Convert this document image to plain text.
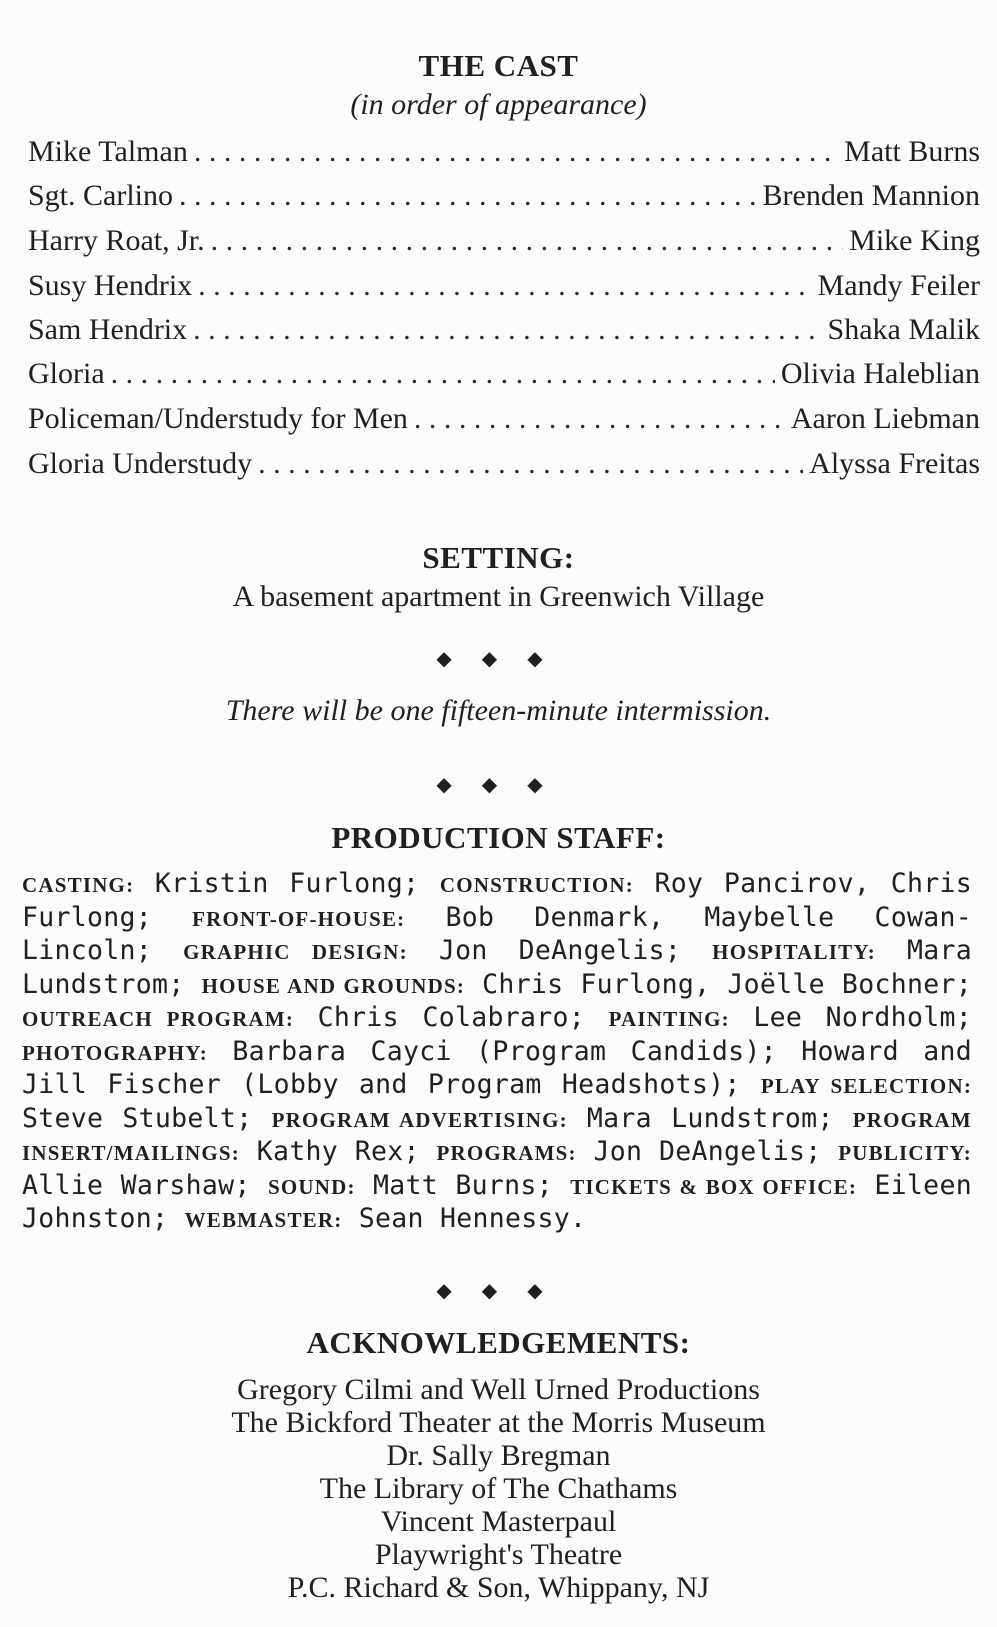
THE CAST
(in order of appearance)
Mike Talman . . .	Matt Burns
Sgt. Carlino . . .	Brenden Mannion
Harry Roat, Jr. . . .	Mike King
Susy Hendrix . . .	Mandy Feiler
Sam Hendrix . . .	Shaka Malik
Gloria . . .	Olivia Haleblian
Policeman/Understudy for Men . . .	Aaron Liebman
Gloria Understudy . . .	Alyssa Freitas
SETTING:
A basement apartment in Greenwich Village
◆ ◆ ◆
There will be one fifteen-minute intermission.
◆ ◆ ◆
PRODUCTION STAFF:
CASTING: Kristin Furlong; CONSTRUCTION: Roy Pancirov, Chris Furlong; FRONT-OF-HOUSE: Bob Denmark, Maybelle Cowan-Lincoln; GRAPHIC DESIGN: Jon DeAngelis; HOSPITALITY: Mara Lundstrom; HOUSE AND GROUNDS: Chris Furlong, Joëlle Bochner; OUTREACH PROGRAM: Chris Colabraro; PAINTING: Lee Nordholm; PHOTOGRAPHY: Barbara Cayci (Program Candids); Howard and Jill Fischer (Lobby and Program Headshots); PLAY SELECTION: Steve Stubelt; PROGRAM ADVERTISING: Mara Lundstrom; PROGRAM INSERT/MAILINGS: Kathy Rex; PROGRAMS: Jon DeAngelis; PUBLICITY: Allie Warshaw; SOUND: Matt Burns; TICKETS & BOX OFFICE: Eileen Johnston; WEBMASTER: Sean Hennessy.
◆ ◆ ◆
ACKNOWLEDGEMENTS:
Gregory Cilmi and Well Urned Productions
The Bickford Theater at the Morris Museum
Dr. Sally Bregman
The Library of The Chathams
Vincent Masterpaul
Playwright's Theatre
P.C. Richard & Son, Whippany, NJ
